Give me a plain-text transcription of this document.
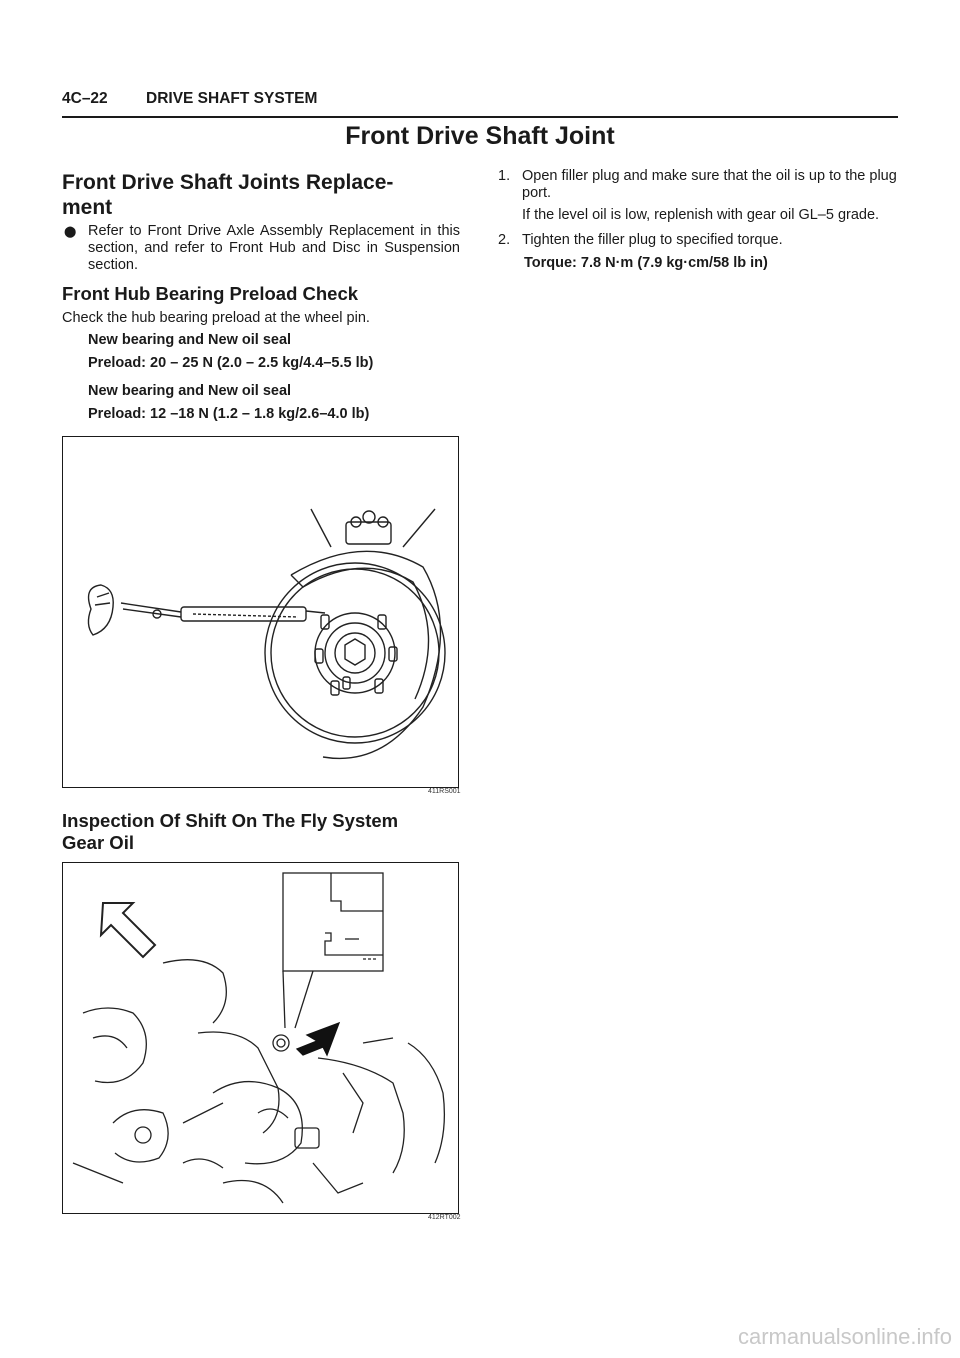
4C–22 DRIVE SHAFT SYSTEM
Front Drive Shaft Joint
Front Drive Shaft Joints Replace-
ment
⬤ Refer to Front Drive Axle Assembly Replacement in this section, and refer to Front Hub and Disc in Suspension section.

Front Hub Bearing Preload Check

Check the hub bearing preload at the wheel pin.

New bearing and New oil seal

Preload: 20 – 25 N (2.0 – 2.5 kg/4.4–5.5 lb)

New bearing and New oil seal

Preload: 12 –18 N (1.2 – 1.8 kg/2.6–4.0 lb)

411RS001
Inspection Of Shift On The Fly System
Gear Oil
412RT002
1. Open filler plug and make sure that the oil is up to the plug port.
If the level oil is low, replenish with gear oil GL–5 grade.
2. Tighten the filler plug to specified torque.

Torque: 7.8 N·m (7.9 kg·cm/58 lb in)

carmanualsonline.info
